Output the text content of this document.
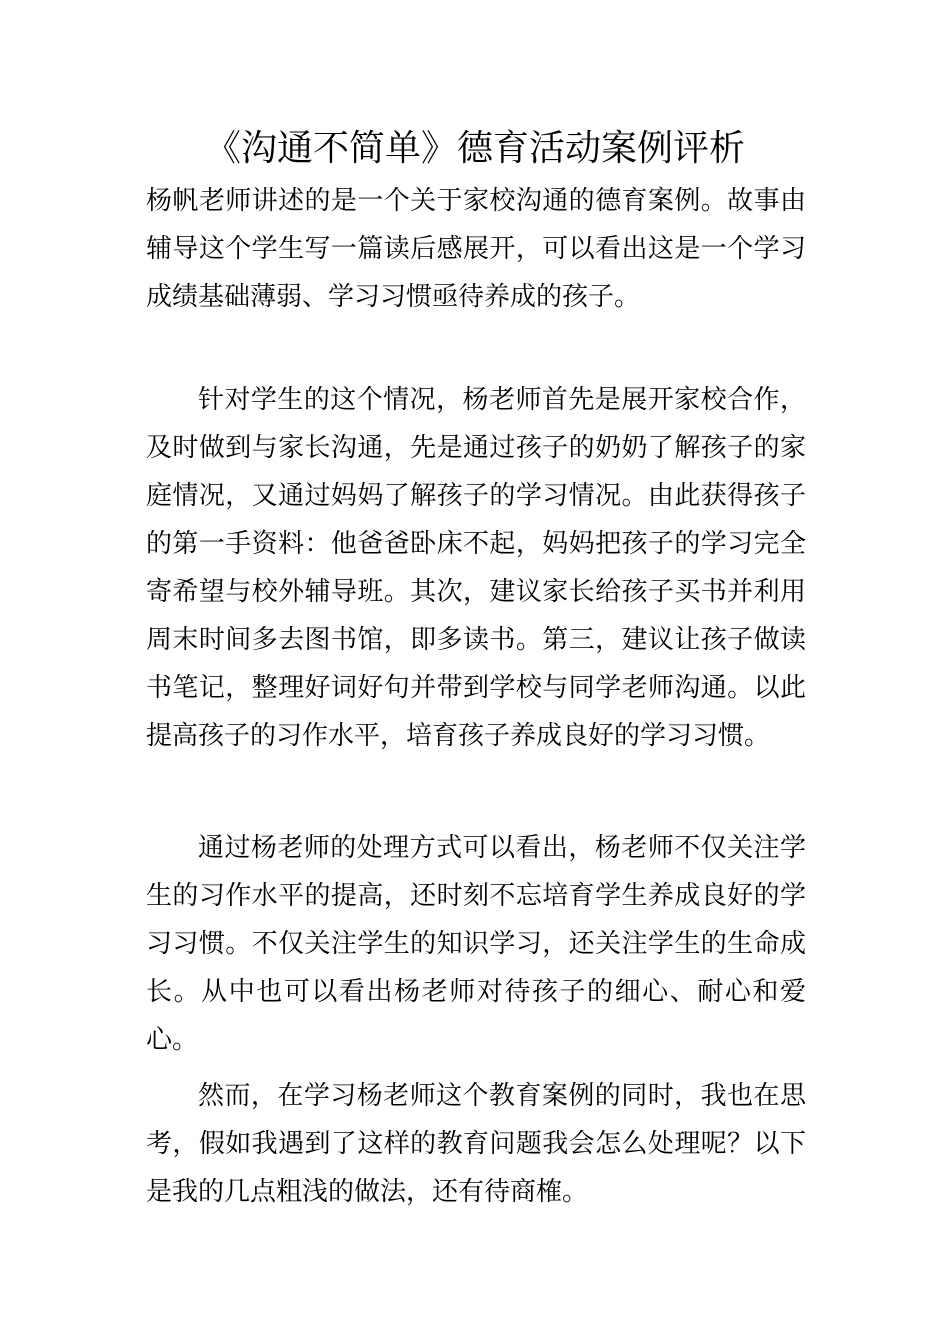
《沟通不简单》德育活动案例评析

杨帆老师讲述的是一个关于家校沟通的德育案例。故事由辅导这个学生写一篇读后感展开，可以看出这是一个学习成绩基础薄弱、学习习惯亟待养成的孩子。

针对学生的这个情况，杨老师首先是展开家校合作，及时做到与家长沟通，先是通过孩子的奶奶了解孩子的家庭情况，又通过妈妈了解孩子的学习情况。由此获得孩子的第一手资料：他爸爸卧床不起，妈妈把孩子的学习完全寄希望与校外辅导班。其次，建议家长给孩子买书并利用周末时间多去图书馆，即多读书。第三，建议让孩子做读书笔记，整理好词好句并带到学校与同学老师沟通。以此提高孩子的习作水平，培育孩子养成良好的学习习惯。

通过杨老师的处理方式可以看出，杨老师不仅关注学生的习作水平的提高，还时刻不忘培育学生养成良好的学习习惯。不仅关注学生的知识学习，还关注学生的生命成长。从中也可以看出杨老师对待孩子的细心、耐心和爱心。

然而，在学习杨老师这个教育案例的同时，我也在思考，假如我遇到了这样的教育问题我会怎么处理呢？以下是我的几点粗浅的做法，还有待商榷。
